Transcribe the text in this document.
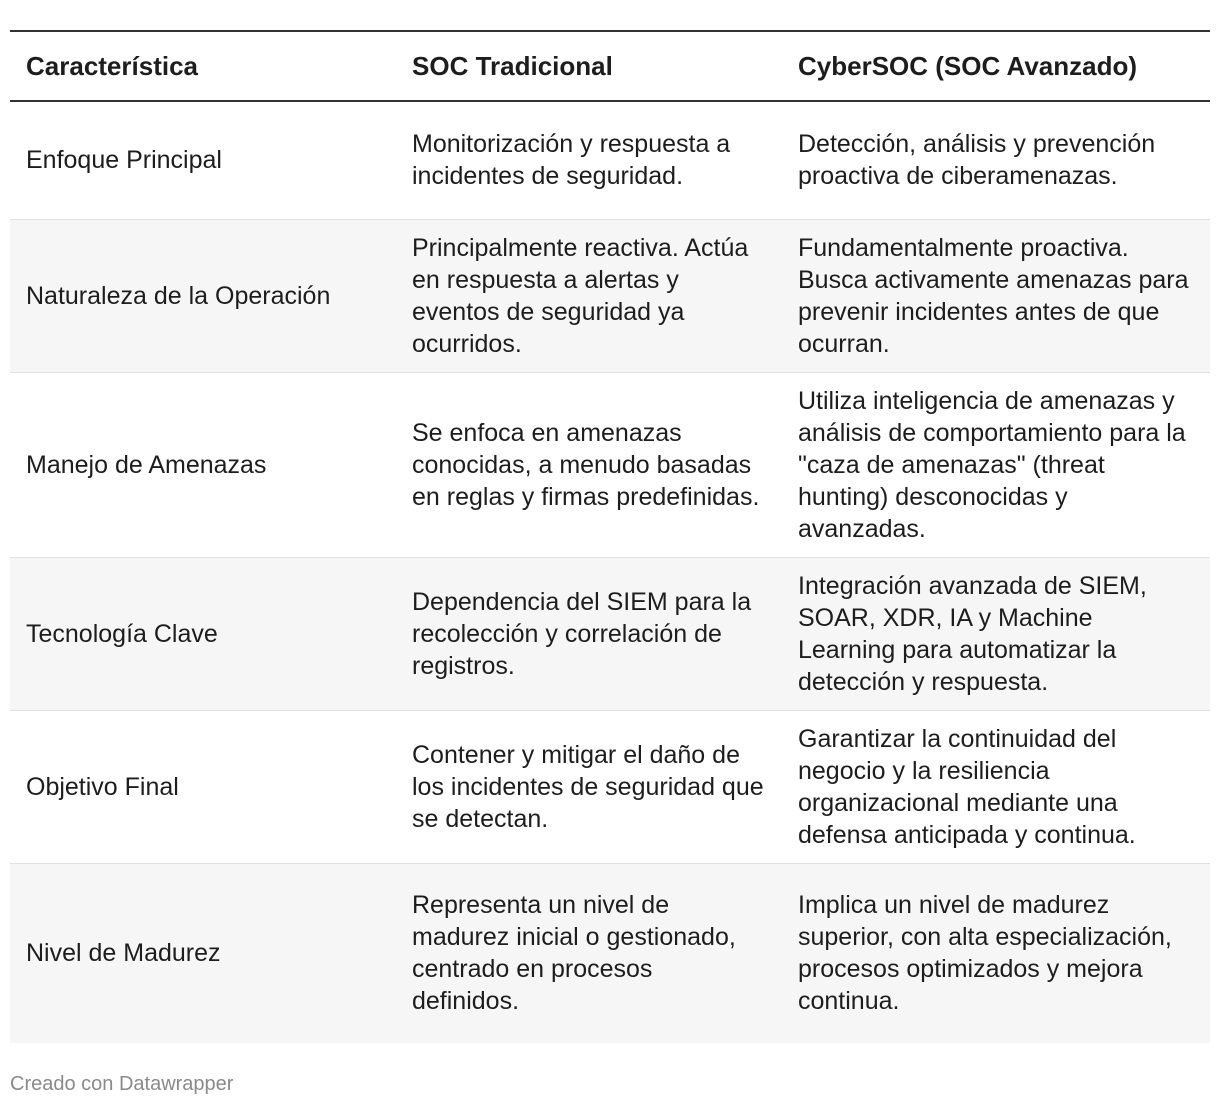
Característica	SOC Tradicional	CyberSOC (SOC Avanzado)
Enfoque Principal	Monitorización y respuesta a incidentes de seguridad.	Detección, análisis y prevención proactiva de ciberamenazas.
Naturaleza de la Operación	Principalmente reactiva. Actúa en respuesta a alertas y eventos de seguridad ya ocurridos.	Fundamentalmente proactiva. Busca activamente amenazas para prevenir incidentes antes de que ocurran.
Manejo de Amenazas	Se enfoca en amenazas conocidas, a menudo basadas en reglas y firmas predefinidas.	Utiliza inteligencia de amenazas y análisis de comportamiento para la "caza de amenazas" (threat hunting) desconocidas y avanzadas.
Tecnología Clave	Dependencia del SIEM para la recolección y correlación de registros.	Integración avanzada de SIEM, SOAR, XDR, IA y Machine Learning para automatizar la detección y respuesta.
Objetivo Final	Contener y mitigar el daño de los incidentes de seguridad que se detectan.	Garantizar la continuidad del negocio y la resiliencia organizacional mediante una defensa anticipada y continua.
Nivel de Madurez	Representa un nivel de madurez inicial o gestionado, centrado en procesos definidos.	Implica un nivel de madurez superior, con alta especialización, procesos optimizados y mejora continua.
Creado con Datawrapper
